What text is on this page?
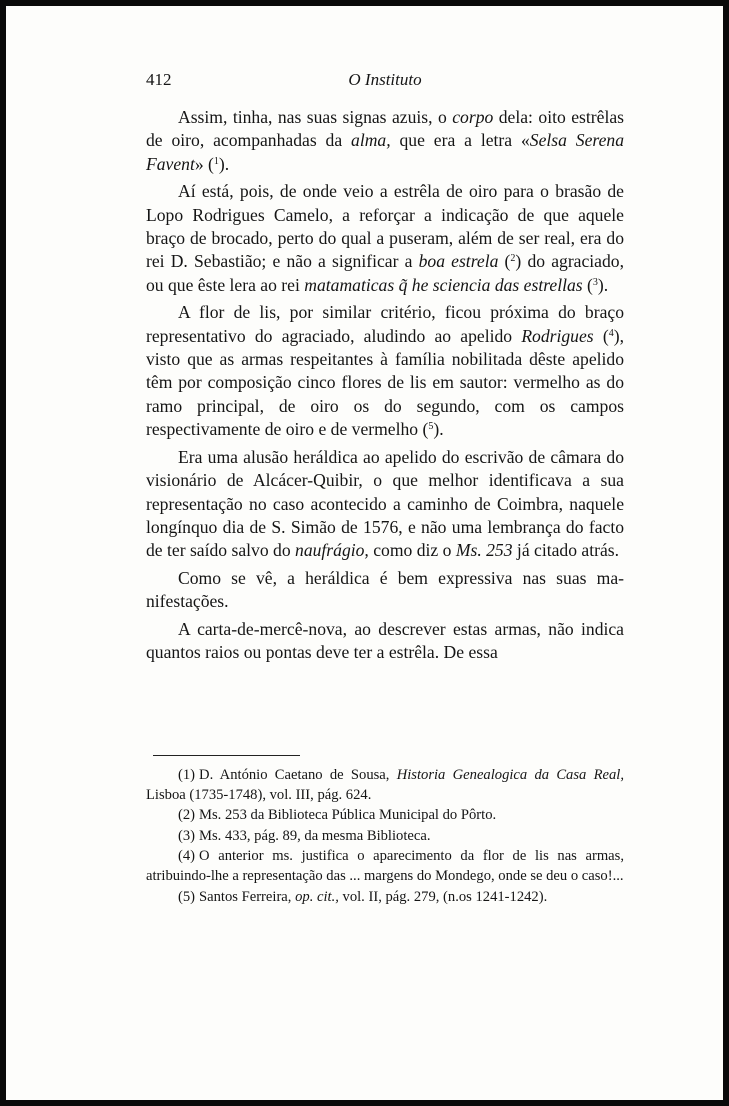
412	O Instituto

Assim, tinha, nas suas signas azuis, o corpo dela: oito estrêlas de oiro, acompanhadas da alma, que era a letra «Selsa Serena Favent» ($^1$).

Aí está, pois, de onde veio a estrêla de oiro para o brasão de Lopo Rodrigues Camelo, a reforçar a indicação de que aquele braço de brocado, perto do qual a puseram, além de ser real, era do rei D. Sebastião; e não a significar a boa estrela ($^2$) do agraciado, ou que êste lera ao rei matamaticas q̃ he sciencia das estrellas ($^3$).

A flor de lis, por similar critério, ficou próxima do braço representativo do agraciado, aludindo ao apelido Rodrigues ($^4$), visto que as armas respeitantes à família nobilitada dêste apelido têm por composição cinco flores de lis em sautor: vermelho as do ramo principal, de oiro os do segundo, com os campos respectivamente de oiro e de vermelho ($^5$).

Era uma alusão heráldica ao apelido do escrivão de câmara do visionário de Alcácer-Quibir, o que melhor identificava a sua representação no caso acontecido a caminho de Coimbra, naquele longínquo dia de S. Simão de 1576, e não uma lembrança do facto de ter saído salvo do naufrágio, como diz o Ms. 253 já citado atrás.

Como se vê, a heráldica é bem expressiva nas suas manifestações.

A carta-de-mercê-nova, ao descrever estas armas, não indica quantos raios ou pontas deve ter a estrêla. De essa

(1) D. António Caetano de Sousa, Historia Genealogica da Casa Real, Lisboa (1735-1748), vol. III, pág. 624.

(2) Ms. 253 da Biblioteca Pública Municipal do Pôrto.

(3) Ms. 433, pág. 89, da mesma Biblioteca.

(4) O anterior ms. justifica o aparecimento da flor de lis nas armas, atribuindo-lhe a representação das ... margens do Mondego, onde se deu o caso!...

(5) Santos Ferreira, op. cit., vol. II, pág. 279, (n.os 1241-1242).
